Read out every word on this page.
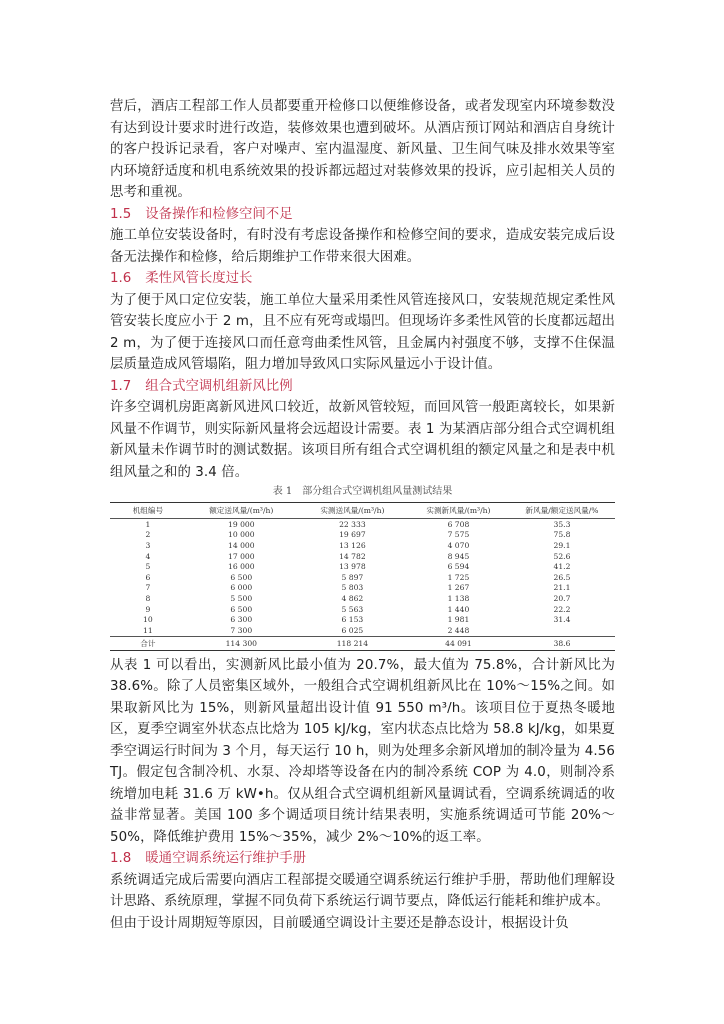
营后，酒店工程部工作人员都要重开检修口以便维修设备，或者发现室内环境参数没有达到设计要求时进行改造，装修效果也遭到破坏。从酒店预订网站和酒店自身统计的客户投诉记录看，客户对噪声、室内温湿度、新风量、卫生间气味及排水效果等室内环境舒适度和机电系统效果的投诉都远超过对装修效果的投诉，应引起相关人员的思考和重视。

1.5 设备操作和检修空间不足

施工单位安装设备时，有时没有考虑设备操作和检修空间的要求，造成安装完成后设备无法操作和检修，给后期维护工作带来很大困难。

1.6 柔性风管长度过长

为了便于风口定位安装，施工单位大量采用柔性风管连接风口，安装规范规定柔性风管安装长度应小于 2 m，且不应有死弯或塌凹。但现场许多柔性风管的长度都远超出 2 m，为了便于连接风口而任意弯曲柔性风管，且金属内衬强度不够，支撑不住保温层质量造成风管塌陷，阻力增加导致风口实际风量远小于设计值。

1.7 组合式空调机组新风比例

许多空调机房距离新风进风口较近，故新风管较短，而回风管一般距离较长，如果新风量不作调节，则实际新风量将会远超设计需要。表 1 为某酒店部分组合式空调机组新风量未作调节时的测试数据。该项目所有组合式空调机组的额定风量之和是表中机组风量之和的 3.4 倍。

表 1　部分组合式空调机组风量测试结果
机组编号	额定送风量/(m³/h)	实测送风量/(m³/h)	实测新风量/(m³/h)	新风量/额定送风量/%
1	19 000	22 333	6 708	35.3
2	10 000	19 697	7 575	75.8
3	14 000	13 126	4 070	29.1
4	17 000	14 782	8 945	52.6
5	16 000	13 978	6 594	41.2
6	6 500	5 897	1 725	26.5
7	6 000	5 803	1 267	21.1
8	5 500	4 862	1 138	20.7
9	6 500	5 563	1 440	22.2
10	6 300	6 153	1 981	31.4
11	7 300	6 025	2 448	
合计	114 300	118 214	44 091	38.6

从表 1 可以看出，实测新风比最小值为 20.7%，最大值为 75.8%，合计新风比为 38.6%。除了人员密集区域外，一般组合式空调机组新风比在 10%～15%之间。如果取新风比为 15%，则新风量超出设计值 91 550 m³/h。该项目位于夏热冬暖地区，夏季空调室外状态点比焓为 105 kJ/kg，室内状态点比焓为 58.8 kJ/kg，如果夏季空调运行时间为 3 个月，每天运行 10 h，则为处理多余新风增加的制冷量为 4.56 TJ。假定包含制冷机、水泵、冷却塔等设备在内的制冷系统 COP 为 4.0，则制冷系统增加电耗 31.6 万 kW•h。仅从组合式空调机组新风量调试看，空调系统调适的收益非常显著。美国 100 多个调适项目统计结果表明，实施系统调适可节能 20%～50%，降低维护费用 15%～35%，减少 2%～10%的返工率。

1.8 暖通空调系统运行维护手册

系统调适完成后需要向酒店工程部提交暖通空调系统运行维护手册，帮助他们理解设计思路、系统原理，掌握不同负荷下系统运行调节要点，降低运行能耗和维护成本。

但由于设计周期短等原因，目前暖通空调设计主要还是静态设计，根据设计负
